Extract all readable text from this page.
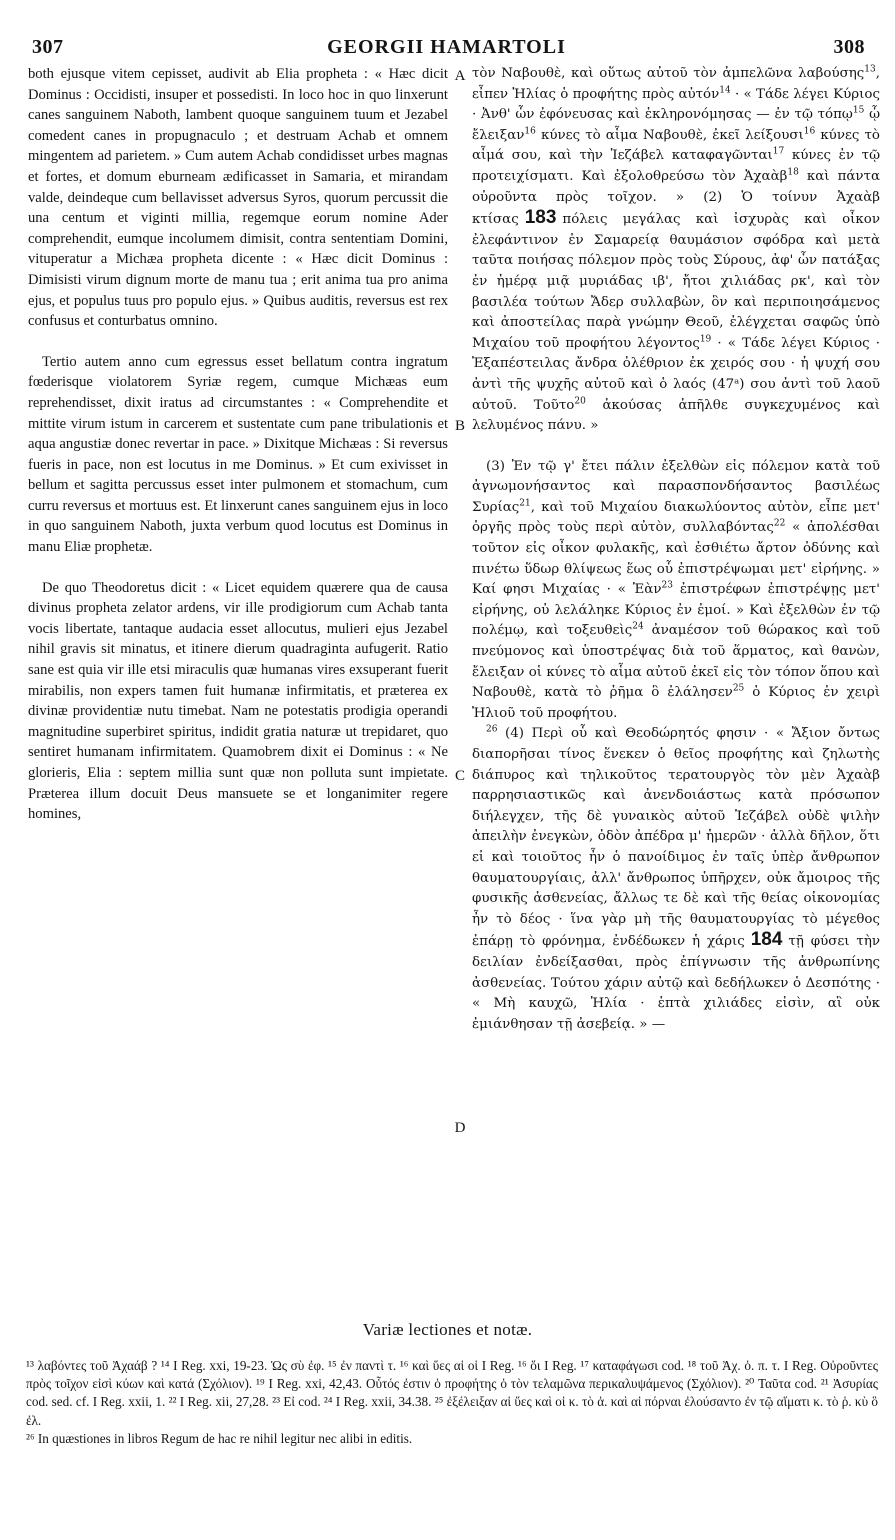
307	GEORGII HAMARTOLI	308

both ejusque vitem cepisset, audivit ab Elia propheta : « Hæc dicit Dominus : Occidisti, insuper et possedisti. In loco hoc in quo linxerunt canes sanguinem Naboth, lambent quoque sanguinem tuum et Jezabel comedent canes in propugnaculo ; et destruam Achab et omnem mingentem ad parietem. » Cum autem Achab condidisset urbes magnas et fortes, et domum eburneam ædificasset in Samaria, et mirandam valde, deindeque cum bellavisset adversus Syros, quorum percussit die una centum et viginti millia, regemque eorum nomine Ader comprehendit, eumque incolumem dimisit, contra sententiam Domini, vituperatur a Michæa propheta dicente : « Hæc dicit Dominus : Dimisisti virum dignum morte de manu tua ; erit anima tua pro anima ejus, et populus tuus pro populo ejus. » Quibus auditis, reversus est rex confusus et conturbatus omnino.

Tertio autem anno cum egressus esset bellatum contra ingratum fœderisque violatorem Syriæ regem, cumque Michæas eum reprehendisset, dixit iratus ad circumstantes : « Comprehendite et mittite virum istum in carcerem et sustentate cum pane tribulationis et aqua angustiæ donec revertar in pace. » Dixitque Michæas : Si reversus fueris in pace, non est locutus in me Dominus. » Et cum exivisset in bellum et sagitta percussus esset inter pulmonem et stomachum, cum curru reversus et mortuus est. Et linxerunt canes sanguinem ejus in loco in quo sanguinem Naboth, juxta verbum quod locutus est Dominus in manu Eliæ prophetæ.

De quo Theodoretus dicit : « Licet equidem quærere qua de causa divinus propheta zelator ardens, vir ille prodigiorum cum Achab tanta vocis libertate, tantaque audacia esset allocutus, mulieri ejus Jezabel nihil gravis sit minatus, et itinere dierum quadraginta aufugerit. Ratio sane est quia vir ille etsi miraculis quæ humanas vires exsuperant fuerit mirabilis, non expers tamen fuit humanæ infirmitatis, et præterea ex divinæ providentiæ nutu timebat. Nam ne potestatis prodigia operandi magnitudine superbiret spiritus, indidit gratia naturæ ut trepidaret, quo sentiret humanam infirmitatem. Quamobrem dixit ei Dominus : « Ne glorieris, Elia : septem millia sunt quæ non polluta sunt impietate. Præterea illum docuit Deus mansuete se et longanimiter regere homines,

A
B
C
D

τὸν Ναβουθὲ, καὶ οὕτως αὐτοῦ τὸν ἀμπελῶνα λαβούσης$^{13}$, εἶπεν Ἠλίας ὁ προφήτης πρὸς αὐτόν$^{14}$ · « Τάδε λέγει Κύριος · Ἀνθ' ὧν ἐφόνευσας καὶ ἐκληρονόμησας — ἐν τῷ τόπῳ$^{15}$ ᾧ ἔλειξαν$^{16}$ κύνες τὸ αἷμα Ναβουθὲ, ἐκεῖ λείξουσι$^{16}$ κύνες τὸ αἷμά σου, καὶ τὴν Ἰεζάβελ καταφαγῶνται$^{17}$ κύνες ἐν τῷ προτειχίσματι. Καὶ ἐξολοθρεύσω τὸν Ἀχαὰβ$^{18}$ καὶ πάντα οὐροῦντα πρὸς τοῖχον. » (2) Ὁ τοίνυν Ἀχαὰβ κτίσας 183 πόλεις μεγάλας καὶ ἰσχυρὰς καὶ οἶκον ἐλεφάντινον ἐν Σαμαρείᾳ θαυμάσιον σφόδρα καὶ μετὰ ταῦτα ποιήσας πόλεμον πρὸς τοὺς Σύρους, ἀφ' ὧν πατάξας ἐν ἡμέρᾳ μιᾷ μυριάδας ιβ', ἤτοι χιλιάδας ρκ', καὶ τὸν βασιλέα τούτων Ἄδερ συλλαβὼν, ὃν καὶ περιποιησάμενος καὶ ἀποστείλας παρὰ γνώμην Θεοῦ, ἐλέγχεται σαφῶς ὑπὸ Μιχαίου τοῦ προφήτου λέγοντος$^{19}$ · « Τάδε λέγει Κύριος · Ἐξαπέστειλας ἄνδρα ὀλέθριον ἐκ χειρός σου · ἡ ψυχή σου ἀντὶ τῆς ψυχῆς αὐτοῦ καὶ ὁ λαός (47ᵃ) σου ἀντὶ τοῦ λαοῦ αὐτοῦ. Τοῦτο$^{20}$ ἀκούσας ἀπῆλθε συγκεχυμένος καὶ λελυμένος πάνυ. »

(3) Ἐν τῷ γ' ἔτει πάλιν ἐξελθὼν εἰς πόλεμον κατὰ τοῦ ἀγνωμονήσαντος καὶ παρασπονδήσαντος βασιλέως Συρίας$^{21}$, καὶ τοῦ Μιχαίου διακωλύοντος αὐτὸν, εἶπε μετ' ὀργῆς πρὸς τοὺς περὶ αὐτὸν, συλλαβόντας$^{22}$ « ἀπολέσθαι τοῦτον εἰς οἶκον φυλακῆς, καὶ ἐσθιέτω ἄρτον ὀδύνης καὶ πινέτω ὕδωρ θλίψεως ἕως οὗ ἐπιστρέψωμαι μετ' εἰρήνης. » Καί φησι Μιχαίας · « Ἐὰν$^{23}$ ἐπιστρέφων ἐπιστρέψῃς μετ' εἰρήνης, οὐ λελάληκε Κύριος ἐν ἐμοί. » Καὶ ἐξελθὼν ἐν τῷ πολέμῳ, καὶ τοξευθεὶς$^{24}$ ἀναμέσον τοῦ θώρακος καὶ τοῦ πνεύμονος καὶ ὑποστρέψας διὰ τοῦ ἅρματος, καὶ θανὼν, ἔλειξαν οἱ κύνες τὸ αἷμα αὐτοῦ ἐκεῖ εἰς τὸν τόπον ὅπου καὶ Ναβουθὲ, κατὰ τὸ ῥῆμα ὃ ἐλάλησεν$^{25}$ ὁ Κύριος ἐν χειρὶ Ἠλιοῦ τοῦ προφήτου.

$^{26}$ (4) Περὶ οὗ καὶ Θεοδώρητός φησιν · « Ἄξιον ὄντως διαπορῆσαι τίνος ἕνεκεν ὁ θεῖος προφήτης καὶ ζηλωτὴς διάπυρος καὶ τηλικοῦτος τερατουργὸς τὸν μὲν Ἀχαὰβ παρρησιαστικῶς καὶ ἀνενδοιάστως κατὰ πρόσωπον διήλεγχεν, τῆς δὲ γυναικὸς αὐτοῦ Ἰεζάβελ οὐδὲ ψιλὴν ἀπειλὴν ἐνεγκὼν, ὁδὸν ἀπέδρα μ' ἡμερῶν · ἀλλὰ δῆλον, ὅτι εἰ καὶ τοιοῦτος ἦν ὁ πανοίδιμος ἐν ταῖς ὑπὲρ ἄνθρωπον θαυματουργίαις, ἀλλ' ἄνθρωπος ὑπῆρχεν, οὐκ ἄμοιρος τῆς φυσικῆς ἀσθενείας, ἄλλως τε δὲ καὶ τῆς θείας οἰκονομίας ἦν τὸ δέος · ἵνα γὰρ μὴ τῆς θαυματουργίας τὸ μέγεθος ἐπάρῃ τὸ φρόνημα, ἐνδέδωκεν ἡ χάρις 184 τῇ φύσει τὴν δειλίαν ἐνδείξασθαι, πρὸς ἐπίγνωσιν τῆς ἀνθρωπίνης ἀσθενείας. Τούτου χάριν αὐτῷ καὶ δεδήλωκεν ὁ Δεσπότης · « Μὴ καυχῶ, Ἠλία · ἑπτὰ χιλιάδες εἰσὶν, αἳ οὐκ ἐμιάνθησαν τῇ ἀσεβείᾳ. » —

Variæ lectiones et notæ.

¹³ λαβόντες τοῦ Ἀχαάβ ? ¹⁴ I Reg. xxi, 19-23. Ὡς σὺ ἐφ. ¹⁵ ἐν παντὶ τ. ¹⁶ καὶ ὕες αἱ οἱ I Reg. ¹⁶ ὅι I Reg. ¹⁷ καταφάγωσι cod. ¹⁸ τοῦ Ἀχ. ὁ. π. τ. I Reg. Οὐροῦντες πρὸς τοῖχον εἰσὶ κύων καὶ κατά (Σχόλιον). ¹⁹ I Reg. xxi, 42,43. Οὗτός ἐστιν ὁ προφήτης ὁ τὸν τελαμῶνα περικαλυψάμενος (Σχόλιον). ²⁰ Ταῦτα cod. ²¹ Ἀσυρίας cod. sed. cf. I Reg. xxii, 1. ²² I Reg. xii, 27,28. ²³ Εἰ cod. ²⁴ I Reg. xxii, 34.38. ²⁵ ἐξέλειξαν αἱ ὕες καὶ οἱ κ. τὸ ἁ. καὶ αἱ πόρναι ἐλούσαντο ἐν τῷ αἵματι κ. τὸ ῥ. κὺ ὃ ἐλ.

²⁶ In quæstiones in libros Regum de hac re nihil legitur nec alibi in editis.
